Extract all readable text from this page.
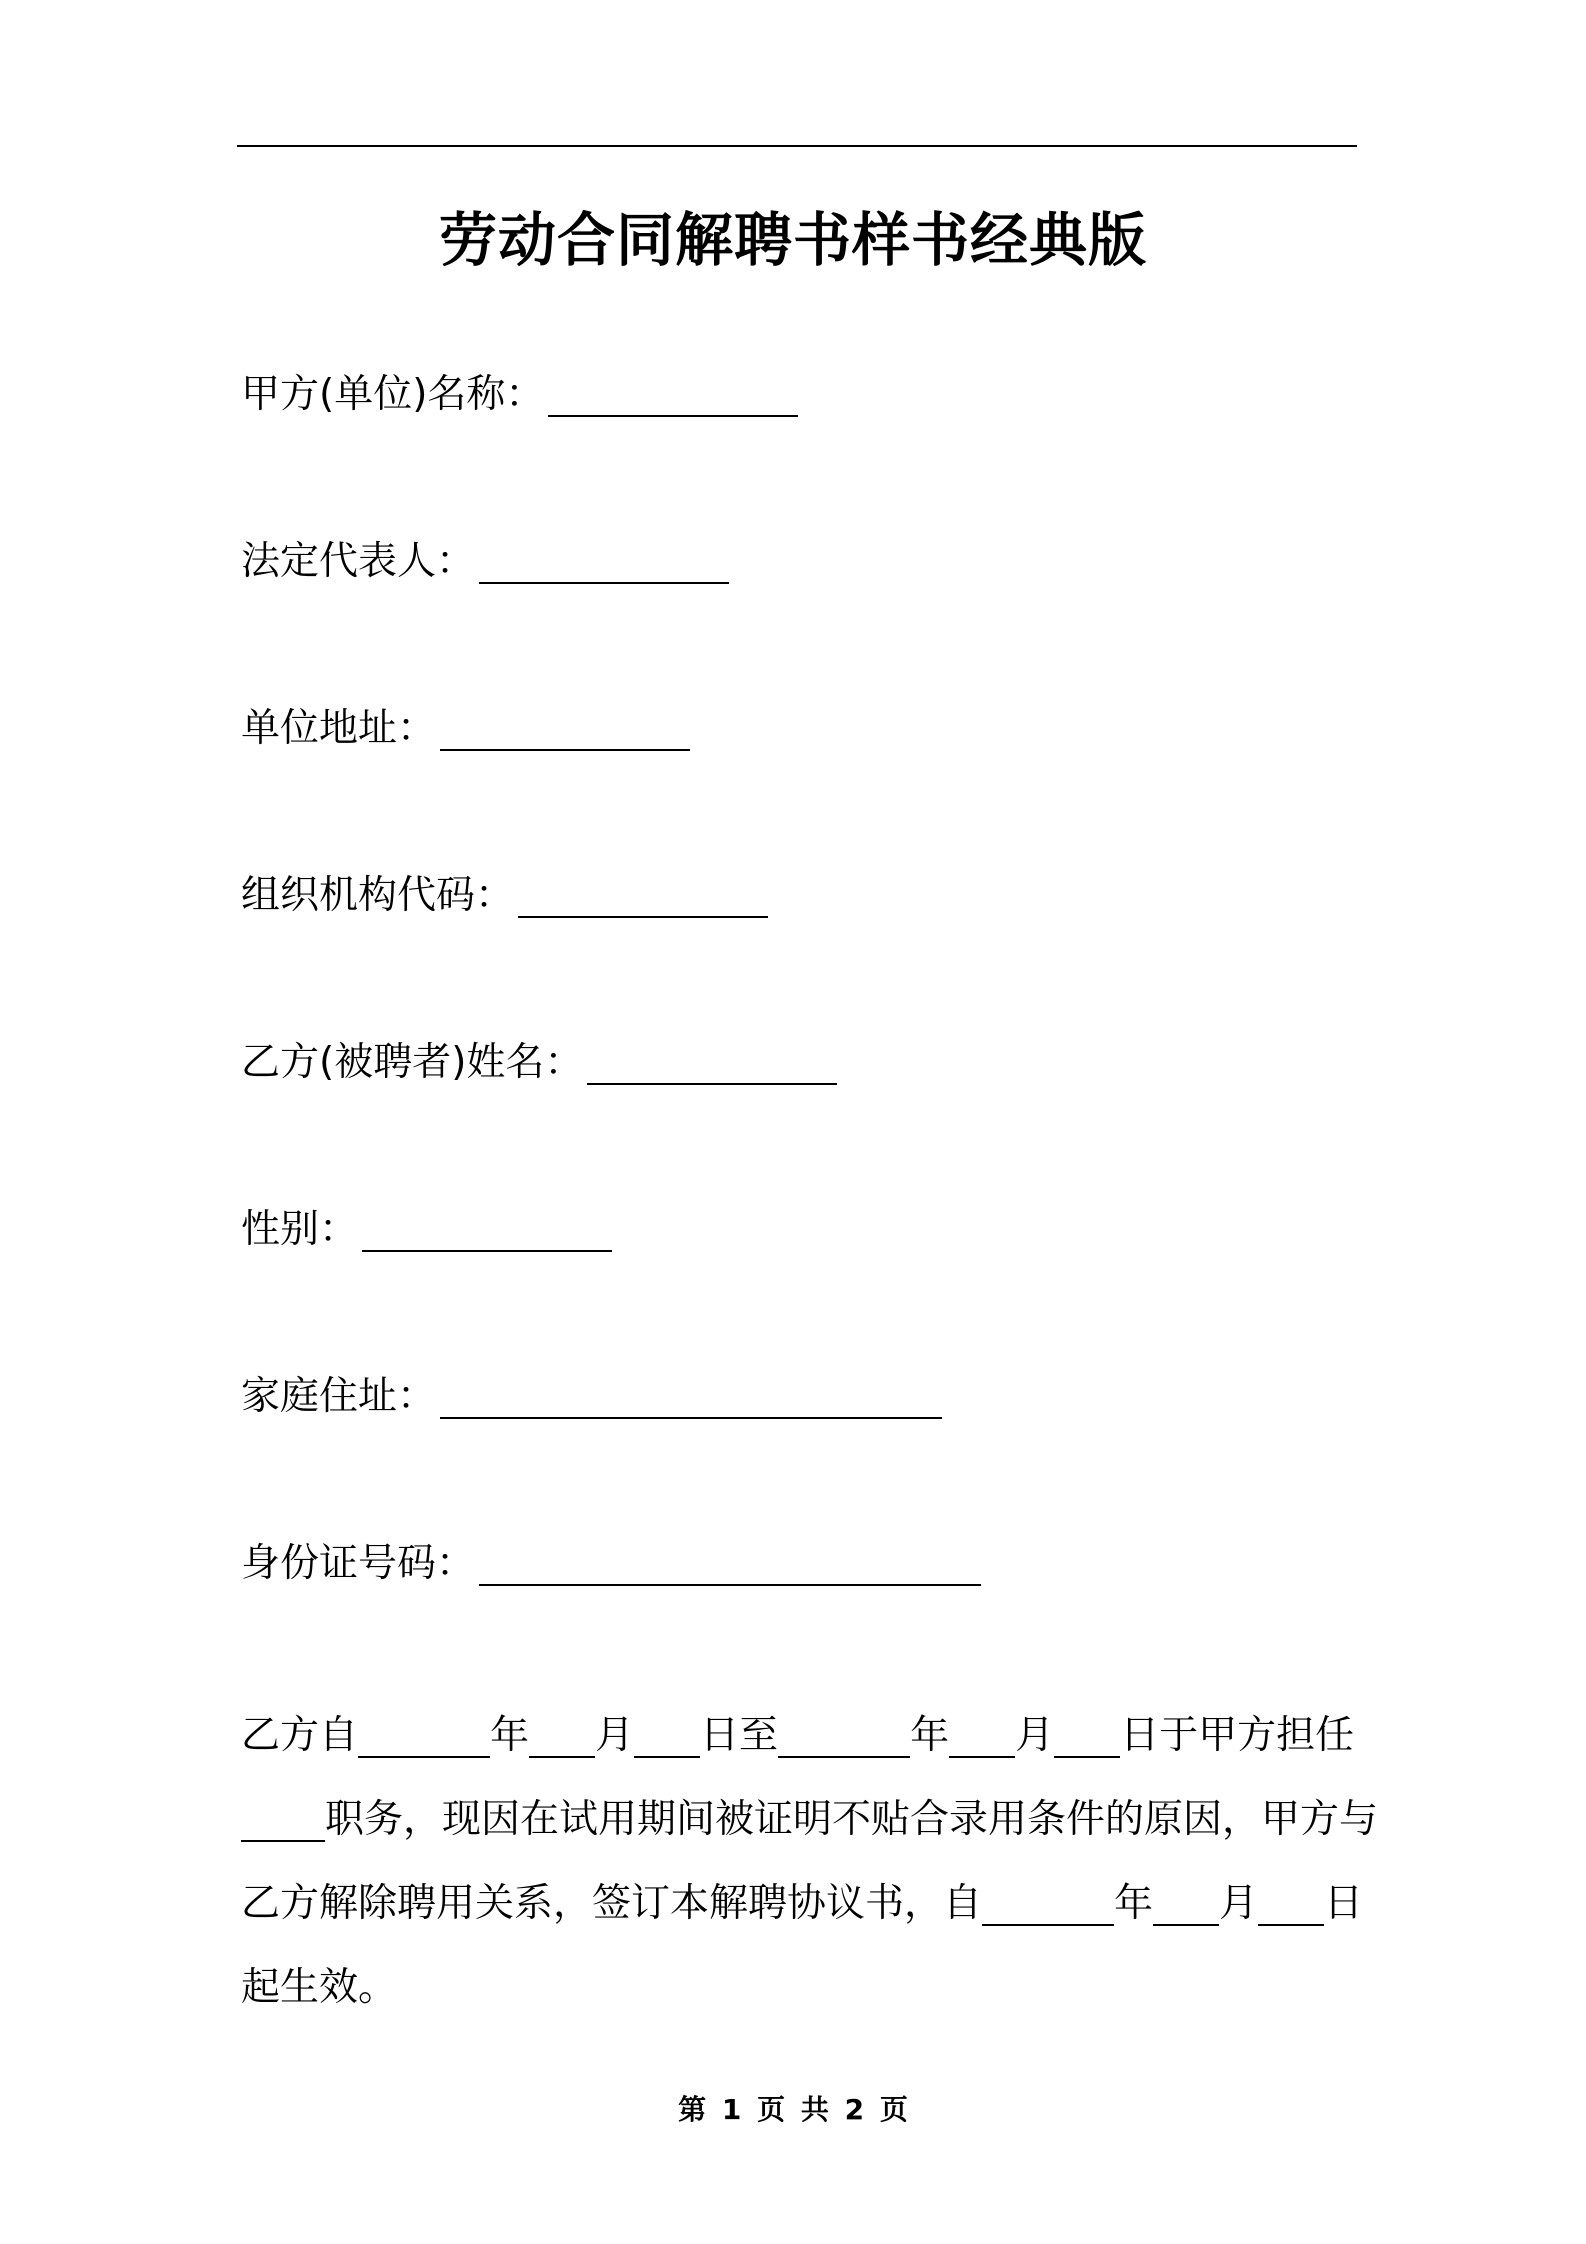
劳动合同解聘书样书经典版
甲方(单位)名称：
法定代表人：
单位地址：
组织机构代码：
乙方(被聘者)姓名：
性别：
家庭住址：
身份证号码：
乙方自	年 月 日至	年 月 日于甲方担任
职务，现因在试用期间被证明不贴合录用条件的原因，甲方与
乙方解除聘用关系，签订本解聘协议书，自	年 月 日
起生效。
第 1 页 共 2 页
